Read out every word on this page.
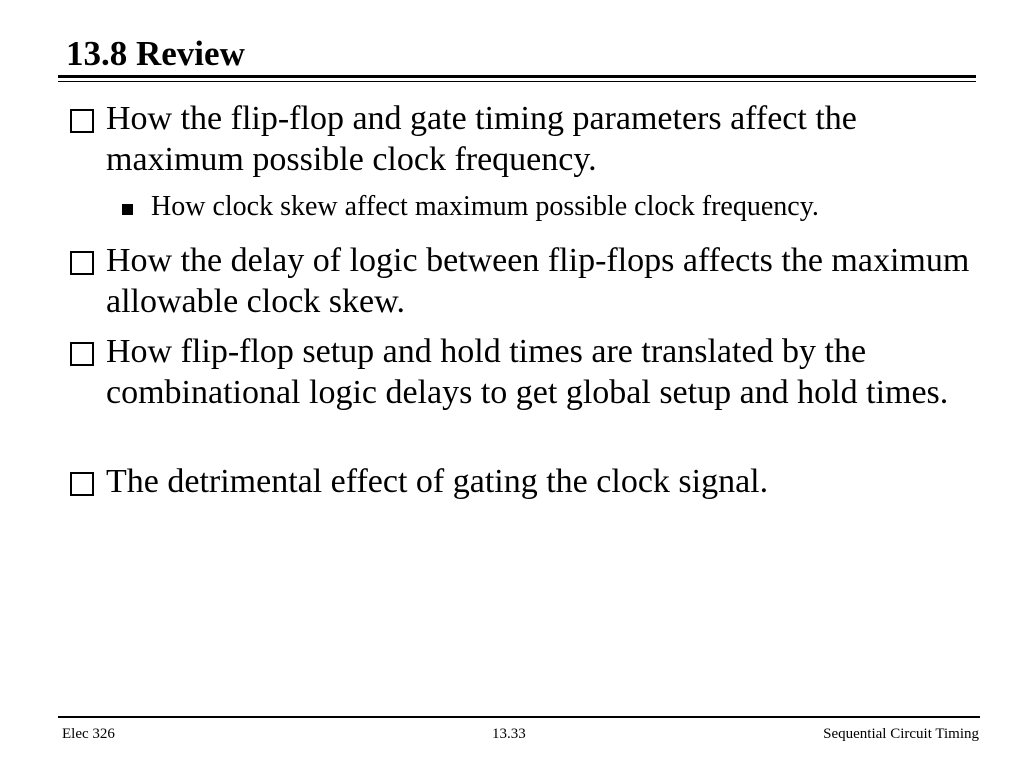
13.8 Review
How the flip-flop and gate timing parameters affect the maximum possible clock frequency.
How clock skew affect maximum possible clock frequency.
How the delay of logic between flip-flops affects the maximum allowable clock skew.
How flip-flop setup and hold times are translated by the combinational logic delays to get global setup and hold times.
The detrimental effect of gating the clock signal.
Elec 326	13.33	Sequential Circuit Timing
